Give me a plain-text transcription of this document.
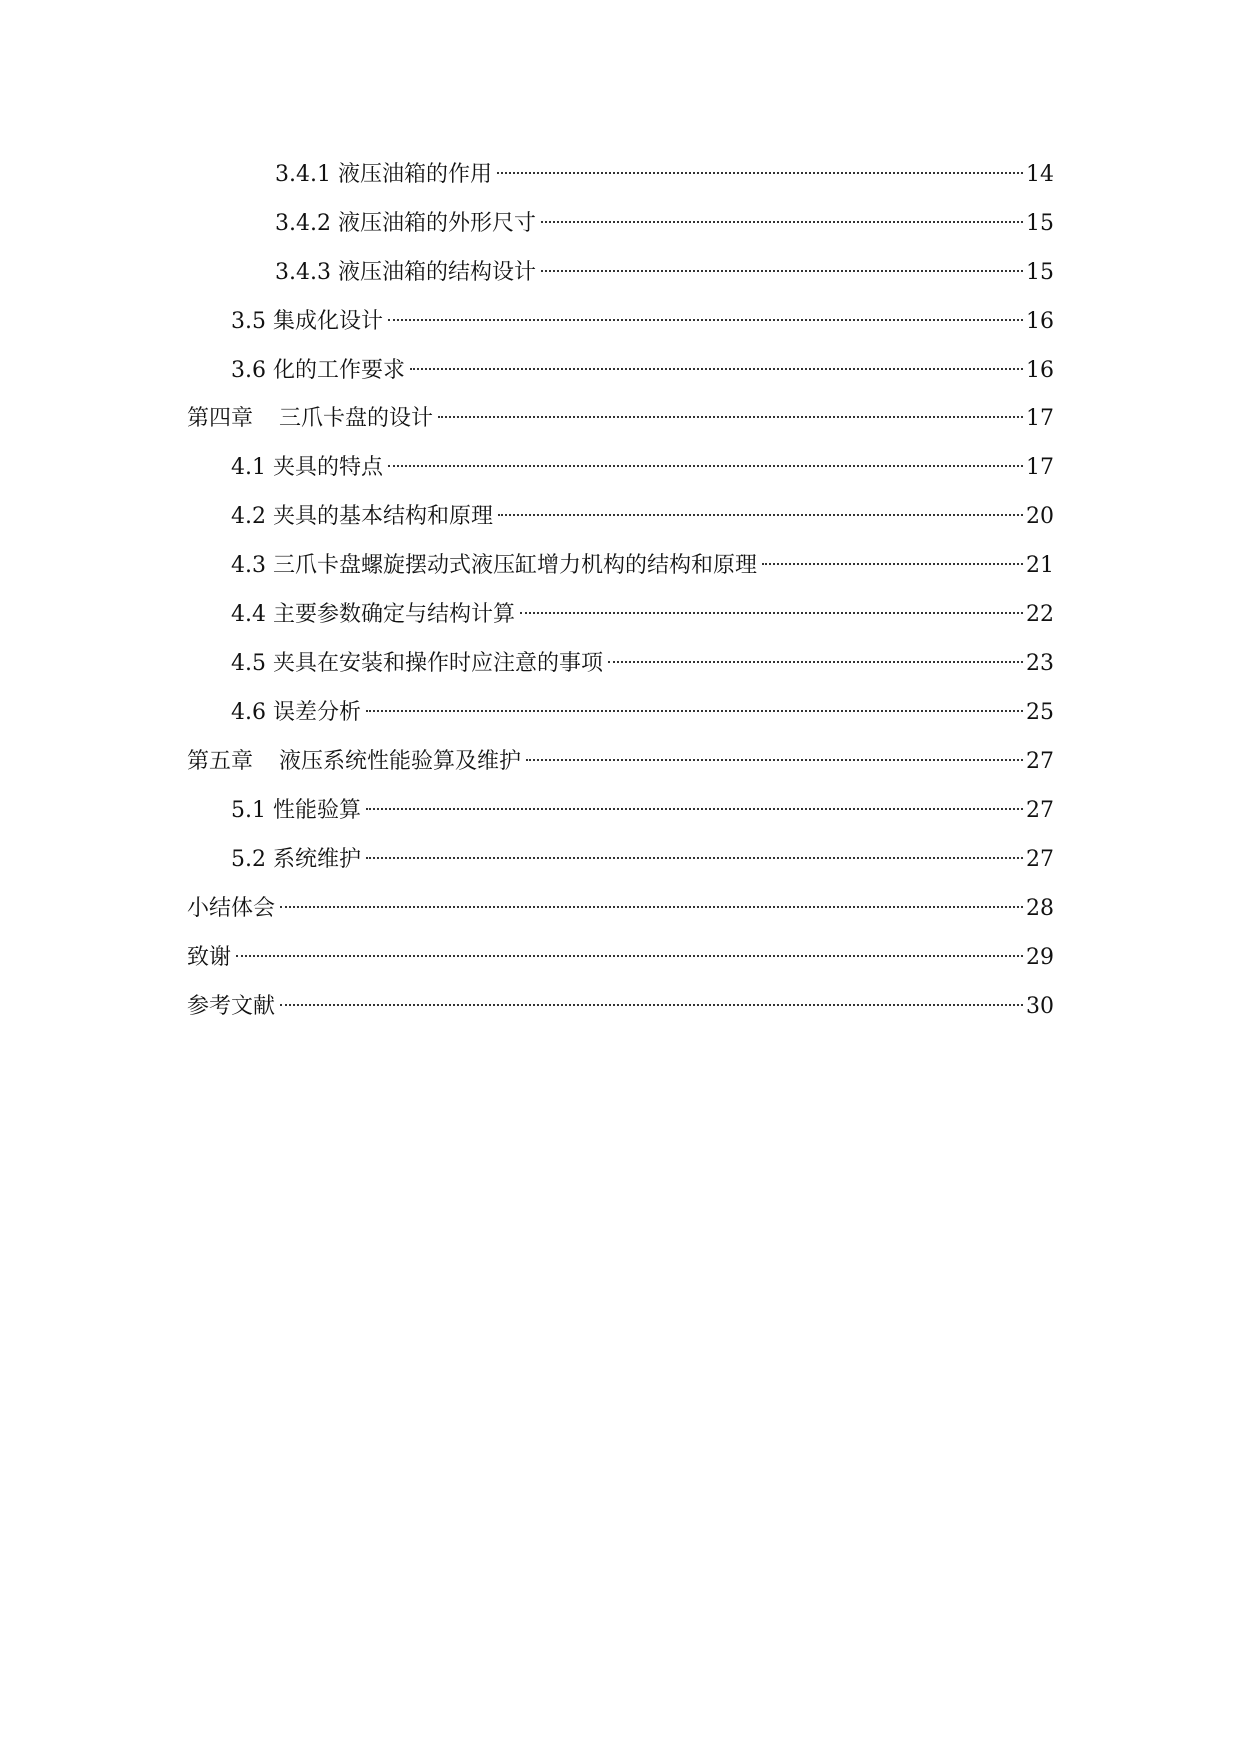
3.4.1 液压油箱的作用	14
3.4.2 液压油箱的外形尺寸	15
3.4.3 液压油箱的结构设计	15
3.5 集成化设计	16
3.6 化的工作要求	16
第四章 三爪卡盘的设计	17
4.1 夹具的特点	17
4.2 夹具的基本结构和原理	20
4.3 三爪卡盘螺旋摆动式液压缸增力机构的结构和原理	21
4.4 主要参数确定与结构计算	22
4.5 夹具在安装和操作时应注意的事项	23
4.6 误差分析	25
第五章 液压系统性能验算及维护	27
5.1 性能验算	27
5.2 系统维护	27
小结体会	28
致谢	29
参考文献	30
